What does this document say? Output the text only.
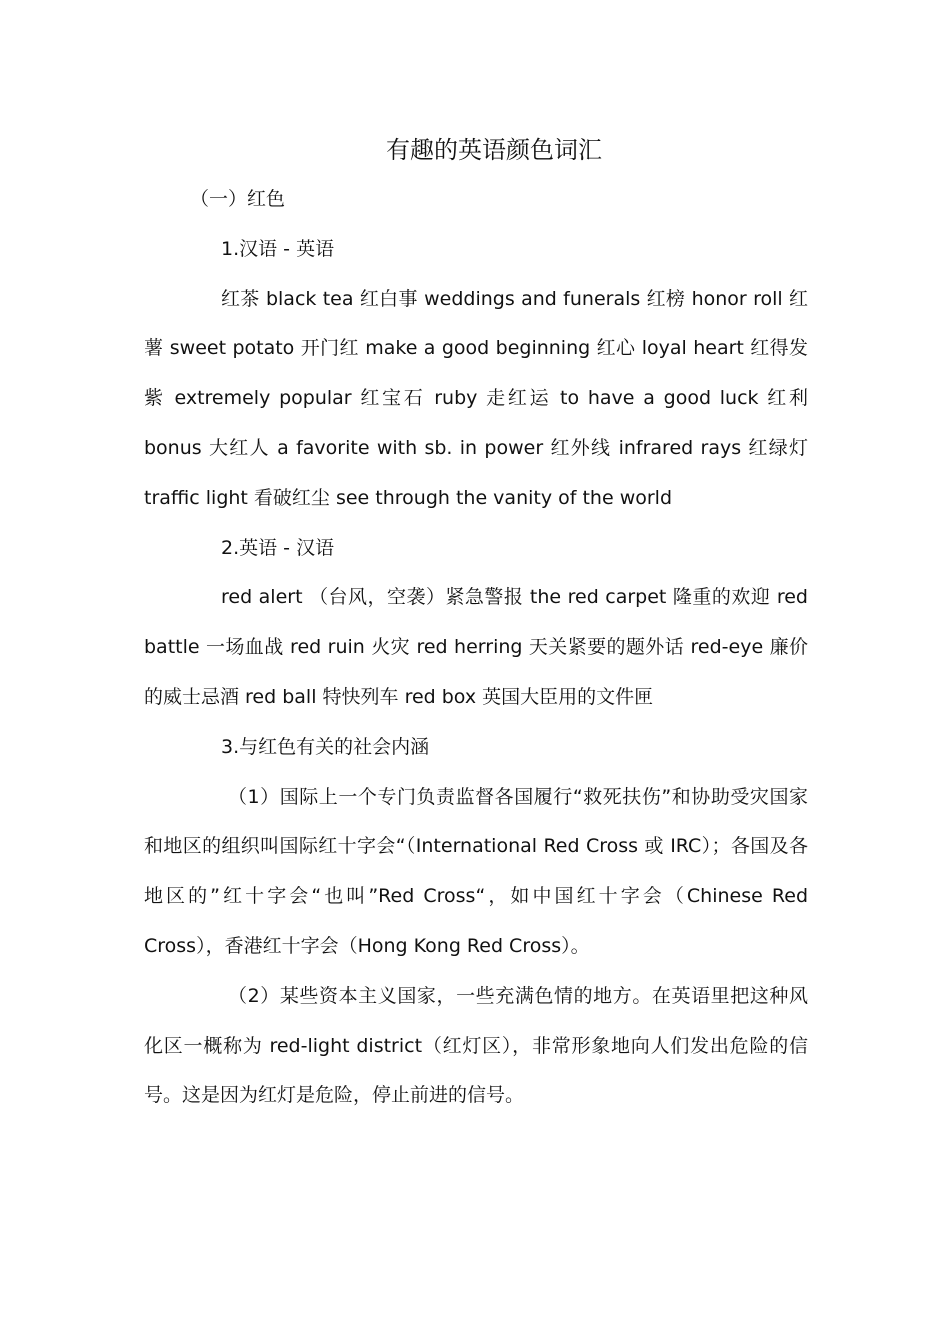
有趣的英语颜色词汇

（一）红色

1.汉语 - 英语

红茶 black tea 红白事 weddings and funerals 红榜 honor roll 红薯 sweet potato 开门红 make a good beginning 红心 loyal heart 红得发紫 extremely popular 红宝石 ruby 走红运 to have a good luck 红利 bonus 大红人 a favorite with sb. in power 红外线 infrared rays 红绿灯 traffic light 看破红尘 see through the vanity of the world

2.英语 - 汉语

red alert （台风，空袭）紧急警报 the red carpet 隆重的欢迎 red battle 一场血战 red ruin 火灾 red herring 天关紧要的题外话 red-eye 廉价的威士忌酒 red ball 特快列车 red box 英国大臣用的文件匣

3.与红色有关的社会内涵

（1）国际上一个专门负责监督各国履行“救死扶伤”和协助受灾国家和地区的组织叫国际红十字会“（International Red Cross 或 IRC）；各国及各地区的”红十字会“也叫”Red Cross“，如中国红十字会（Chinese Red Cross），香港红十字会（Hong Kong Red Cross）。

（2）某些资本主义国家，一些充满色情的地方。在英语里把这种风化区一概称为 red-light district（红灯区），非常形象地向人们发出危险的信号。这是因为红灯是危险，停止前进的信号。
